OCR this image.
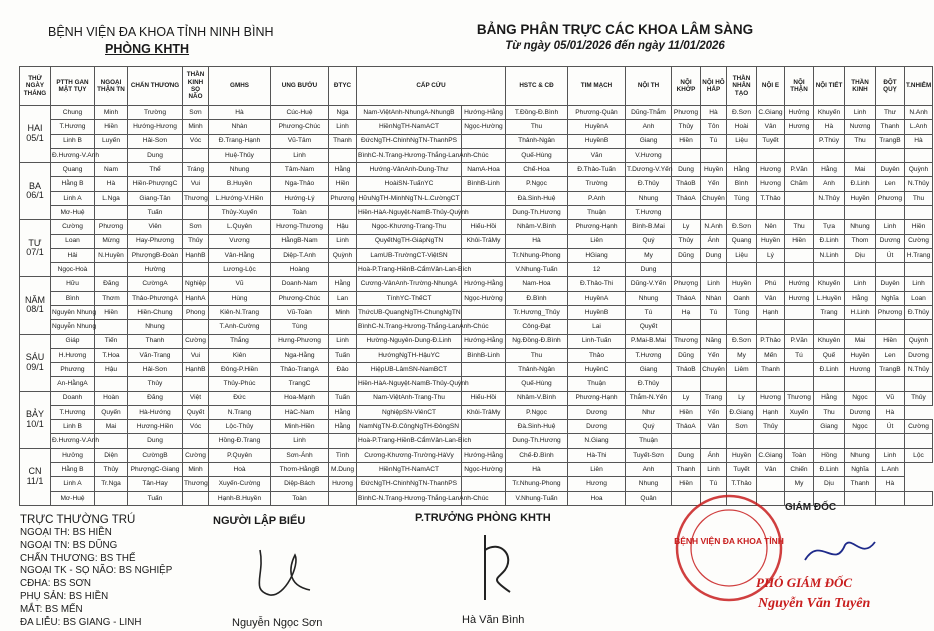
BỆNH VIỆN ĐA KHOA TỈNH NINH BÌNH
PHÒNG KHTH
BẢNG PHÂN TRỰC CÁC KHOA LÂM SÀNG
Từ ngày 05/01/2026 đến ngày 11/01/2026
THỨ NGÀY THÁNG	PTTH GAN MẬT TỤY	NGOẠI THẬN TN	CHẤN THƯƠNG	THẦN KINH SỌ NÃO	GMHS	UNG BƯỚU	ĐTYC	CẤP CỨU		HSTC & CĐ	TIM MẠCH	NỘI TH	NỘI KHỚP	NỘI HÔ HẤP	THẦN NHÂN TẠO	NỘI E	NỘI THẬN	NỘI TIẾT	THẦN KINH	ĐỘT QUỴ	T.NHIỄM

HAI
05/1	Chung	Minh	Trường	Sơn	Hà	Cúc-Huệ	Nga	Nam-ViệtAnh-NhungA-NhungB	Hướng-Hằng	T.Đồng-Đ.Bình	Phương-Quân	Dũng-Thắm	Phương	Hà	Đ.Sơn	C.Giang	Hưởng	Khuyến	Linh	Thư	N.Anh
	T.Hương	Hiền	Hướng-Hương	Minh	Nhàn	Phương-Chúc	Linh	HiềnNgTH-NamACT	Ngọc-Hường	Thu	HuyềnA	Anh	Thủy	Tôn	Hoài	Vân	Hương	Hà	Nương	Thanh	L.Anh
	Linh B	Luyến	Hải-Sơn	Vóc	Đ.Trang-Hạnh	Vũ-Tâm	Thanh	ĐứcNgTH-ChinhNgTN-ThanhPS		Thảnh-Ngân	HuyềnB	Giang	Hiền	Tú	Liệu	Tuyết		P.Thúy	Thu	TrangB	Hà
	Đ.Hương-V.Anh		Dung		Huệ-Thủy	Linh		BìnhC-N.Trang-Hương-Thắng-LanAnh-Chúc		Quế-Hùng	Văn	V.Hương									

BA
06/1	Quang	Nam	Thể	Tráng	Nhung	Tâm-Nam	Hằng	Hướng-VânAnh-Dung-Thư	NamA-Hoa	Chế-Hoa	Đ.Thảo-Tuấn	T.Dương-V.Yến	Dung	Huyền	Hằng	Hương	P.Văn	Hằng	Mai	Duyên	Quỳnh
	Hằng B	Hà	Hiền-PhượngC	Vui	B.Huyền	Nga-Thảo	Hiền	HoàiSN-TuấnYC	BìnhB-Linh	P.Ngọc	Trường	Đ.Thủy	ThảoB	Yến	Bình	Hương	Chăm	Anh	Đ.Linh	Len	N.Thủy
	Linh A	L.Nga	Giang-Tân	Thương	L.Hướng-V.Hiền	Hướng-Lý	Phương	HữuNgTH-MinhNgTN-L.CườngCT		Đà.Sinh-Huệ	P.Anh	Nhung	ThảoA	Chuyên	Tùng	T.Thảo		N.Thủy	Huyền	Phương	Thu
	Mơ-Huệ		Tuấn		Thủy-Xuyến	Toàn		Hiền-HàA-Nguyệt-NamB-Thủy-Quỳnh		Dung-Th.Hương	Thuận	T.Hương									

TƯ
07/1	Cường	Phương	Viên	Sơn	L.Quyên	Hương-Thương	Hậu	Ngọc-Khương-Trang-Thu	Hiếu-Hồi	Nhâm-V.Bình	Phương-Hạnh	Bình-B.Mai	Ly	N.Anh	Đ.Sơn	Nên	Thu	Tựa	Nhung	Linh	Hiền
	Loan	Mừng	Hay-Phương	Thủy	Vương	HằngB-Nam	Linh	QuyếtNgTH-GiápNgTN	Khôi-TrâMy	Hà	Liên	Quý	Thủy	Ánh	Quang	Huyền	Hiền	Đ.Linh	Thom	Dương	Cường
	Hải	N.Huyền	PhượngB-Đoàn	HạnhB	Vân-Hằng	Diệp-T.Anh	Quỳnh	LamUB-TrườngCT-ViệtSN		Tr.Nhung-Phong	HGiang	My	Dũng	Dung	Liệu	Lý		N.Linh	Dịu	Út	H.Trang
	Ngọc-Hoà		Hường		Lương-Lộc	Hoàng		Hoà-P.Trang-HiềnB-CẩmVân-Lan-Bích		V.Nhung-Tuấn	12	Dung									

NĂM
08/1	Hữu	Đăng	CườngA	Nghiệp	Vũ	Doanh-Nam	Hằng	Cương-VânAnh-Trường-NhungA	Hướng-Hằng	Nam-Hoa	Đ.Thảo-Thi	Dũng-V.Yến	Phượng	Linh	Huyền	Phú	Hướng	Khuyến	Linh	Duyên	Linh
	Bình	Thơm	Thảo-PhươngA	HạnhA	Hùng	Phương-Chúc	Lan	TínhYC-ThếCT	Ngọc-Hường	Đ.Bình	HuyềnA	Nhung	ThảoA	Nhàn	Oanh	Vân	Hương	L.Huyền	Hằng	Nghĩa	Loan
	Nguyên Nhung	Hiền	Hiền-Chung	Phong	Kiên-N.Trang	Vũ-Toàn	Minh	ThứcUB-QuangNgTH-ChungNgTN		Tr.Hương_Thủy	HuyềnB	Tú	Hạ	Tú	Tùng	Hạnh		Trang	H.Linh	Phương	Đ.Thủy
	Nguyễn Nhung		Nhung		T.Anh-Cường	Tùng		BìnhC-N.Trang-Hương-Thắng-LanAnh-Chúc		Công-Đạt	Lai	Quyết									

SÁU
09/1	Giáp	Tiến	Thanh	Cường	Thắng	Hưng-Phương	Linh	Hường-Nguyên-Dung-Đ.Linh	Hướng-Hằng	Ng.Đồng-Đ.Bình	Linh-Tuấn	P.Mai-B.Mai	Thương	Năng	Đ.Sơn	P.Thảo	P.Văn	Khuyên	Mai	Hiền	Quỳnh
	H.Hương	T.Hoa	Văn-Trang	Vui	Kiên	Nga-Hằng	Tuấn	HướngNgTH-HậuYC	BìnhB-Linh	Thu	Thảo	T.Hương	Dũng	Yến	My	Mến	Tú	Quế	Huyền	Len	Dương
	Phương	Hậu	Hải-Sơn	HạnhB	Đông-P.Hiền	Thảo-TrangA	Đảo	HiệpUB-LâmSN-NamBCT		Thảnh-Ngân	HuyềnC	Giang	ThảoB	Chuyên	Liêm	Thanh		Đ.Linh	Hương	TrangB	N.Thủy
	An-HằngA		Thủy		Thủy-Phúc	TrangC		Hiền-HàA-Nguyệt-NamB-Thủy-Quỳnh		Quế-Hùng	Thuận	Đ.Thủy									

BẢY
10/1	Doanh	Hoàn	Đăng	Việt	Đức	Hoa-Mạnh	Tuấn	Nam-ViệtAnh-Trang-Thu	Hiếu-Hồi	Nhâm-V.Bình	Phương-Hạnh	Thắm-N.Yến	Ly	Trang	Ly	Hương	Thương	Hằng	Ngọc	Vũ	Thủy
	T.Hương	Quyến	Hà-Hướng	Quyết	N.Trang	HàC-Nam	Hằng	NghiệpSN-ViênCT	Khôi-TrâMy	P.Ngọc	Dương	Như	Hiền	Yến	Đ.Giang	Hạnh	Xuyến	Thu	Dương	Hà	
	Linh B	Mai	Hương-Hiền	Vóc	Lộc-Thủy	Minh-Hiền	Hằng	NamNgTN-Đ.CôngNgTH-ĐôngSN		Đà.Sinh-Huệ	Dương	Quý	ThảoA	Vân	Sơn	Thủy		Giang	Ngọc	Út	Cường
	Đ.Hương-V.Anh		Dung		Hồng-Đ.Trang	Linh		Hoà-P.Trang-HiềnB-CẩmVân-Lan-Bích		Dung-Th.Hương	N.Giang	Thuận									

CN
11/1	Hưởng	Diện	CườngB	Cường	P.Quyên	Sơn-Ánh	Tình	Cương-Khương-Trường-HàVy	Hướng-Hằng	Chế-Đ.Bình	Hà-Thi	Tuyết-Sơn	Dung	Ánh	Huyền	C.Giang	Toàn	Hồng	Nhung	Linh	Lộc
	Hằng B	Thủy	PhượngC-Giang	Minh	Hoà	Thơm-HằngB	M.Dung	HiềnNgTH-NamACT	Ngọc-Hường	Hà	Liên	Anh	Thanh	Linh	Tuyết	Vân	Chiến	Đ.Linh	Nghĩa	L.Anh	
	Linh A	Tr.Nga	Tân-Hay	Thương	Xuyến-Cường	Diệp-Bách	Hương	ĐứcNgTH-ChinhNgTN-ThanhPS		Tr.Nhung-Phong	Hương	Nhung	Hiền	Tú	T.Thảo		My	Dịu	Thanh	Hà	
	Mơ-Huệ		Tuấn		Hạnh-B.Huyền	Toàn		BìnhC-N.Trang-Hương-Thắng-LanAnh-Chúc		V.Nhung-Tuấn	Hoa	Quân									
TRỰC THƯỜNG TRÚ
NGOẠI TH: BS HIỀN
NGOẠI TN: BS DŨNG
CHẤN THƯƠNG: BS THẾ
NGOẠI TK - SỌ NÃO: BS NGHIỆP
CĐHA: BS SƠN
PHỤ SẢN: BS HIỀN
MẮT: BS MẾN
ĐA LIỄU: BS GIANG - LINH
NGƯỜI LẬP BIỂU
Nguyễn Ngọc Sơn
P.TRƯỞNG PHÒNG KHTH
Hà Văn Bình
BỆNH VIỆN ĐA KHOA TỈNH
GIÁM ĐỐC
PHÓ GIÁM ĐỐC
Nguyễn Văn Tuyên
